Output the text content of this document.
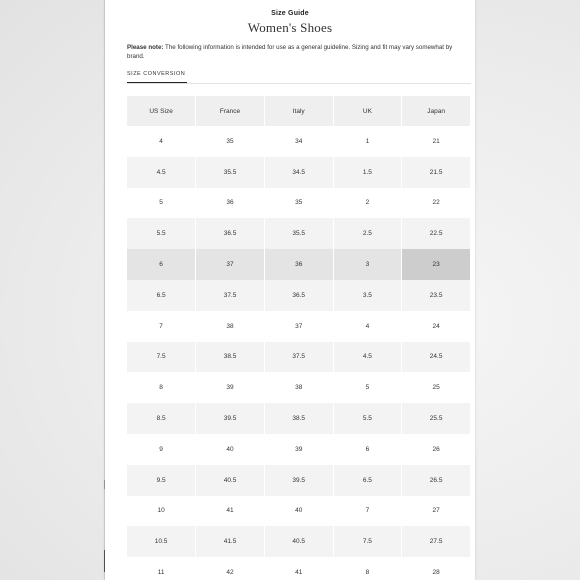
Size Guide
Women's Shoes
Please note: The following information is intended for use as a general guideline. Sizing and fit may vary somewhat by brand.
SIZE CONVERSION
US Size	France	Italy	UK	Japan
4	35	34	1	21
4.5	35.5	34.5	1.5	21.5
5	36	35	2	22
5.5	36.5	35.5	2.5	22.5
6	37	36	3	23
6.5	37.5	36.5	3.5	23.5
7	38	37	4	24
7.5	38.5	37.5	4.5	24.5
8	39	38	5	25
8.5	39.5	38.5	5.5	25.5
9	40	39	6	26
9.5	40.5	39.5	6.5	26.5
10	41	40	7	27
10.5	41.5	40.5	7.5	27.5
11	42	41	8	28
